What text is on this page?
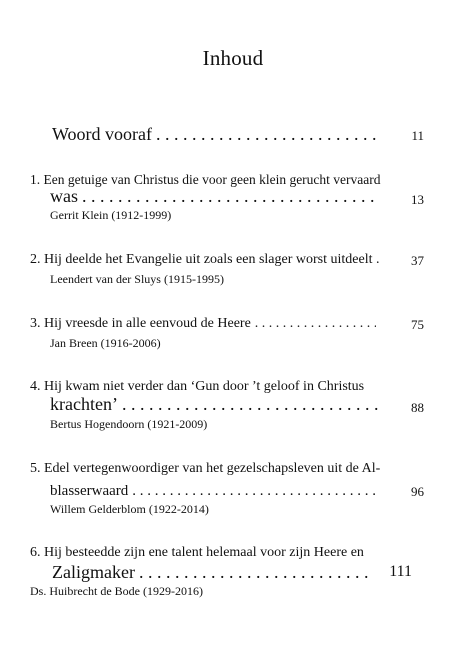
Inhoud
Woord vooraf . . .	11
1. Een getuige van Christus die voor geen klein gerucht vervaard
was . . .	13
Gerrit Klein (1912-1999)
2. Hij deelde het Evangelie uit zoals een slager worst uitdeelt .	37
Leendert van der Sluys (1915-1995)
3. Hij vreesde in alle eenvoud de Heere . . .	75
Jan Breen (1916-2006)
4. Hij kwam niet verder dan ‘Gun door ’t geloof in Christus
krachten’ . . .	88
Bertus Hogendoorn (1921-2009)
5. Edel vertegenwoordiger van het gezelschapsleven uit de Al-
blasserwaard . . .	96
Willem Gelderblom (1922-2014)
6. Hij besteedde zijn ene talent helemaal voor zijn Heere en
Zaligmaker . . .	111
Ds. Huibrecht de Bode (1929-2016)
